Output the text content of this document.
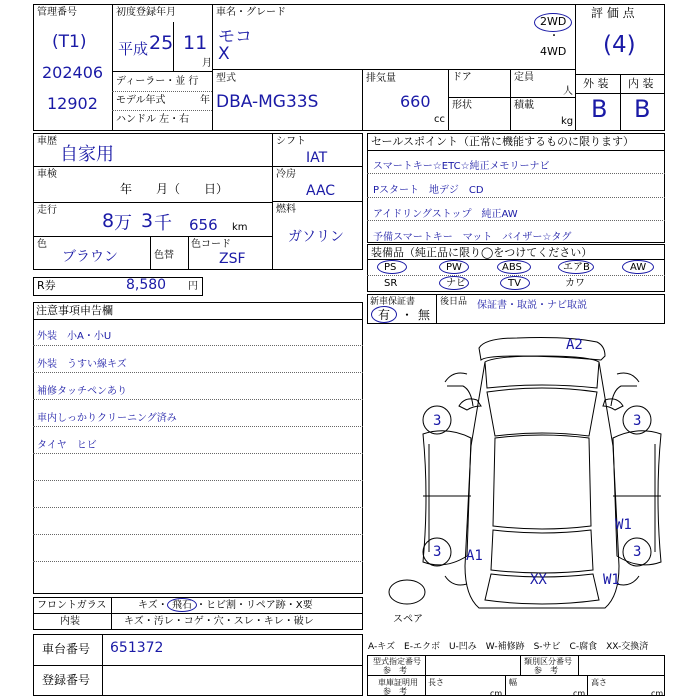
管理番号
(T1)
202406
12902
初度登録年月
平成 25 11
月
ディーラー・並 行
モデル年式	年
ハンドル 左・右
車名・グレード
モコ
X
2WD
・
4WD
評 価 点
(4)
外 装 内 装
B B
型式
DBA-MG33S
排気量
660
cc
ドア	定員
人
形状	積載
kg
車歴
自家用
車検
年　　月（　　日）
走行 8 万 3 千 656 km
色
ブラウン	色替
色コード
ZSF
シフト
IAT
冷房
AAC
燃料
ガソリン
R券	8,580 円
セールスポイント（正常に機能するものに限ります）
スマートキー☆ETC☆純正メモリーナビ
Pスタート　地デジ　CD
アイドリングストップ　純正AW
予備スマートキー　マット　バイザー☆タグ
装備品（純正品に限り◯をつけてください）
PS	PW	ABS	エアB	AW
SR	ナビ	TV	カワ
新車保証書
有 ・ 無
後日品 保証書・取説・ナビ取説
注意事項申告欄
外装　小A・小U
外装　うすい線キズ
補修タッチペンあり
車内しっかりクリーニング済み
タイヤ　ヒビ
A2
3	3
W1
3	3
A1
XX	W1
スペア
フロントガラス	キズ・ 飛石 ・ヒビ割・リペア跡・X要
内装	キズ・汚レ・コゲ・穴・スレ・キレ・破レ
車台番号 651372
登録番号
A-キズ　E-エクボ　U-凹み　W-補修跡　S-サビ　C-腐食　XX-交換済
型式指定番号
参　考
類別区分番号
参　考
車庫証明用
参　考
長さ
cm
幅
cm
高さ
cm
